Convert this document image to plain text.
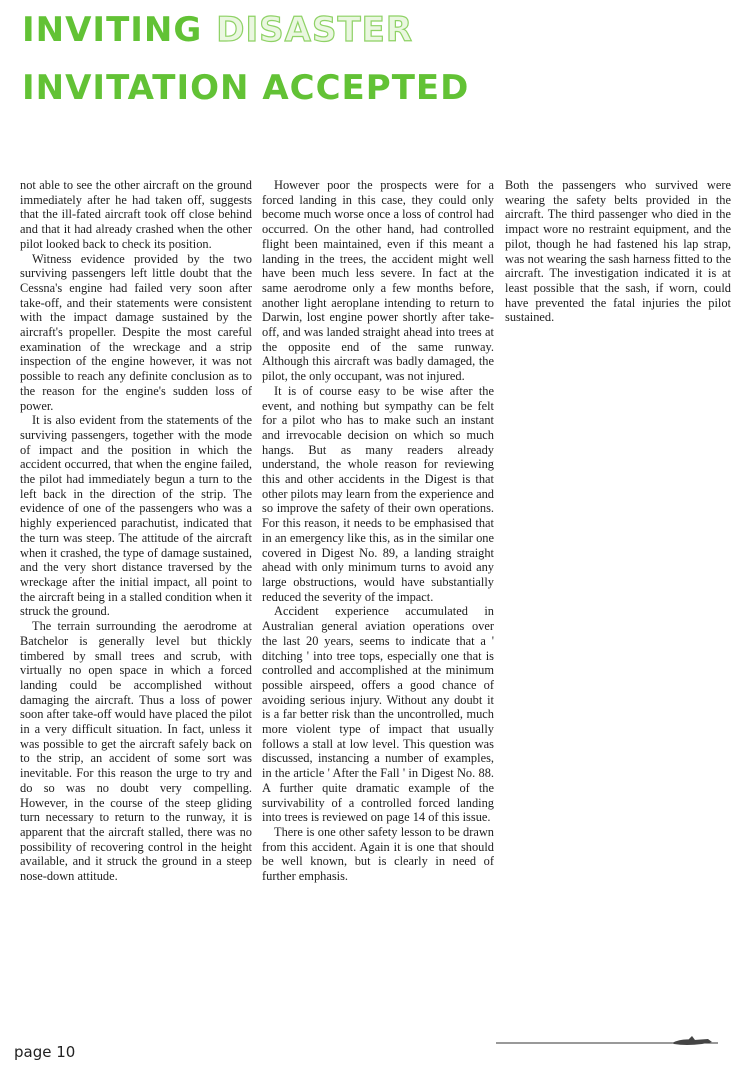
INVITING DISASTER
INVITATION ACCEPTED

not able to see the other aircraft on the ground immediately after he had taken off, suggests that the ill-fated aircraft took off close behind and that it had already crashed when the other pilot looked back to check its position.

Witness evidence provided by the two surviving passengers left little doubt that the Cessna's engine had failed very soon after take-off, and their statements were consistent with the impact damage sustained by the aircraft's propeller. Despite the most careful examination of the wreckage and a strip inspection of the engine however, it was not possible to reach any definite conclusion as to the reason for the engine's sudden loss of power.

It is also evident from the statements of the surviving passengers, together with the mode of impact and the position in which the accident occurred, that when the engine failed, the pilot had immediately begun a turn to the left back in the direction of the strip. The evidence of one of the passengers who was a highly experienced parachutist, indicated that the turn was steep. The attitude of the aircraft when it crashed, the type of damage sustained, and the very short distance traversed by the wreckage after the initial impact, all point to the aircraft being in a stalled condition when it struck the ground.

The terrain surrounding the aerodrome at Batchelor is generally level but thickly timbered by small trees and scrub, with virtually no open space in which a forced landing could be accomplished without damaging the aircraft. Thus a loss of power soon after take-off would have placed the pilot in a very difficult situation. In fact, unless it was possible to get the aircraft safely back on to the strip, an accident of some sort was inevitable. For this reason the urge to try and do so was no doubt very compelling. However, in the course of the steep gliding turn necessary to return to the runway, it is apparent that the aircraft stalled, there was no possibility of recovering control in the height available, and it struck the ground in a steep nose-down attitude.

However poor the prospects were for a forced landing in this case, they could only become much worse once a loss of control had occurred. On the other hand, had controlled flight been maintained, even if this meant a landing in the trees, the accident might well have been much less severe. In fact at the same aerodrome only a few months before, another light aeroplane intending to return to Darwin, lost engine power shortly after take-off, and was landed straight ahead into trees at the opposite end of the same runway. Although this aircraft was badly damaged, the pilot, the only occupant, was not injured.

It is of course easy to be wise after the event, and nothing but sympathy can be felt for a pilot who has to make such an instant and irrevocable decision on which so much hangs. But as many readers already understand, the whole reason for reviewing this and other accidents in the Digest is that other pilots may learn from the experience and so improve the safety of their own operations. For this reason, it needs to be emphasised that in an emergency like this, as in the similar one covered in Digest No. 89, a landing straight ahead with only minimum turns to avoid any large obstructions, would have substantially reduced the severity of the impact.

Accident experience accumulated in Australian general aviation operations over the last 20 years, seems to indicate that a ' ditching ' into tree tops, especially one that is controlled and accomplished at the minimum possible airspeed, offers a good chance of avoiding serious injury. Without any doubt it is a far better risk than the uncontrolled, much more violent type of impact that usually follows a stall at low level. This question was discussed, instancing a number of examples, in the article ' After the Fall ' in Digest No. 88. A further quite dramatic example of the survivability of a controlled forced landing into trees is reviewed on page 14 of this issue.

There is one other safety lesson to be drawn from this accident. Again it is one that should be well known, but is clearly in need of further emphasis.

Both the passengers who survived were wearing the safety belts provided in the aircraft. The third passenger who died in the impact wore no restraint equipment, and the pilot, though he had fastened his lap strap, was not wearing the sash harness fitted to the aircraft. The investigation indicated it is at least possible that the sash, if worn, could have prevented the fatal injuries the pilot sustained.

page 10
